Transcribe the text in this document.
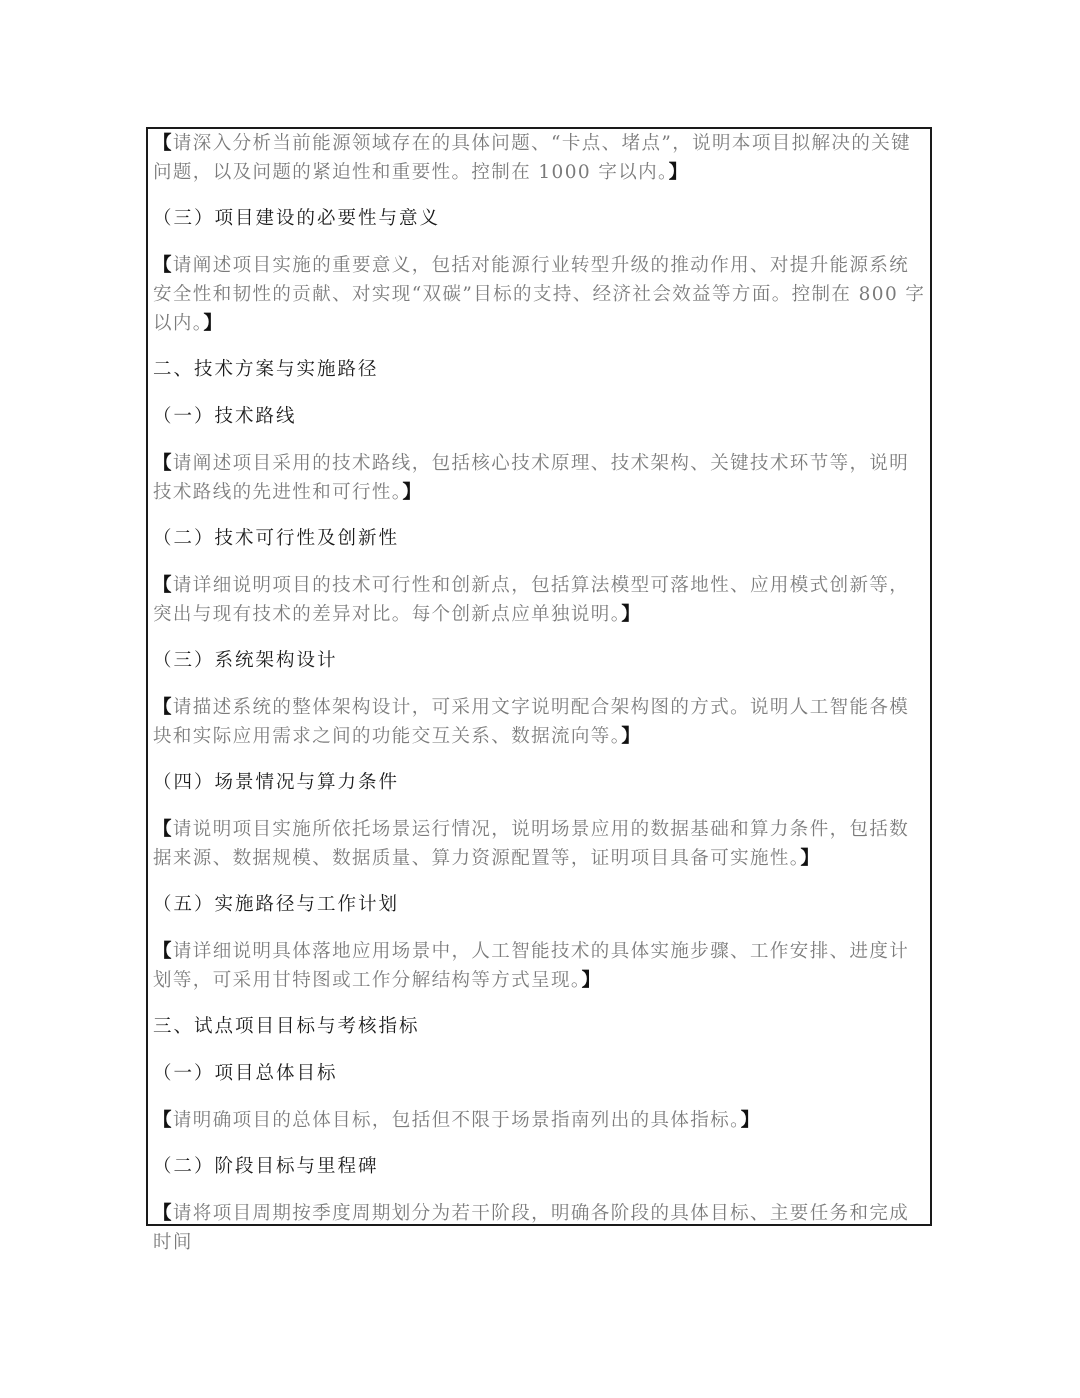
【请深入分析当前能源领域存在的具体问题、“卡点、堵点”，说明本项目拟解决的关键问题，以及问题的紧迫性和重要性。控制在 1000 字以内。】

（三）项目建设的必要性与意义

【请阐述项目实施的重要意义，包括对能源行业转型升级的推动作用、对提升能源系统安全性和韧性的贡献、对实现“双碳”目标的支持、经济社会效益等方面。控制在 800 字以内。】

二、技术方案与实施路径

（一）技术路线

【请阐述项目采用的技术路线，包括核心技术原理、技术架构、关键技术环节等，说明技术路线的先进性和可行性。】

（二）技术可行性及创新性

【请详细说明项目的技术可行性和创新点，包括算法模型可落地性、应用模式创新等，突出与现有技术的差异对比。每个创新点应单独说明。】

（三）系统架构设计

【请描述系统的整体架构设计，可采用文字说明配合架构图的方式。说明人工智能各模块和实际应用需求之间的功能交互关系、数据流向等。】

（四）场景情况与算力条件

【请说明项目实施所依托场景运行情况，说明场景应用的数据基础和算力条件，包括数据来源、数据规模、数据质量、算力资源配置等，证明项目具备可实施性。】

（五）实施路径与工作计划

【请详细说明具体落地应用场景中，人工智能技术的具体实施步骤、工作安排、进度计划等，可采用甘特图或工作分解结构等方式呈现。】

三、试点项目目标与考核指标

（一）项目总体目标

【请明确项目的总体目标，包括但不限于场景指南列出的具体指标。】

（二）阶段目标与里程碑

【请将项目周期按季度周期划分为若干阶段，明确各阶段的具体目标、主要任务和完成时间
